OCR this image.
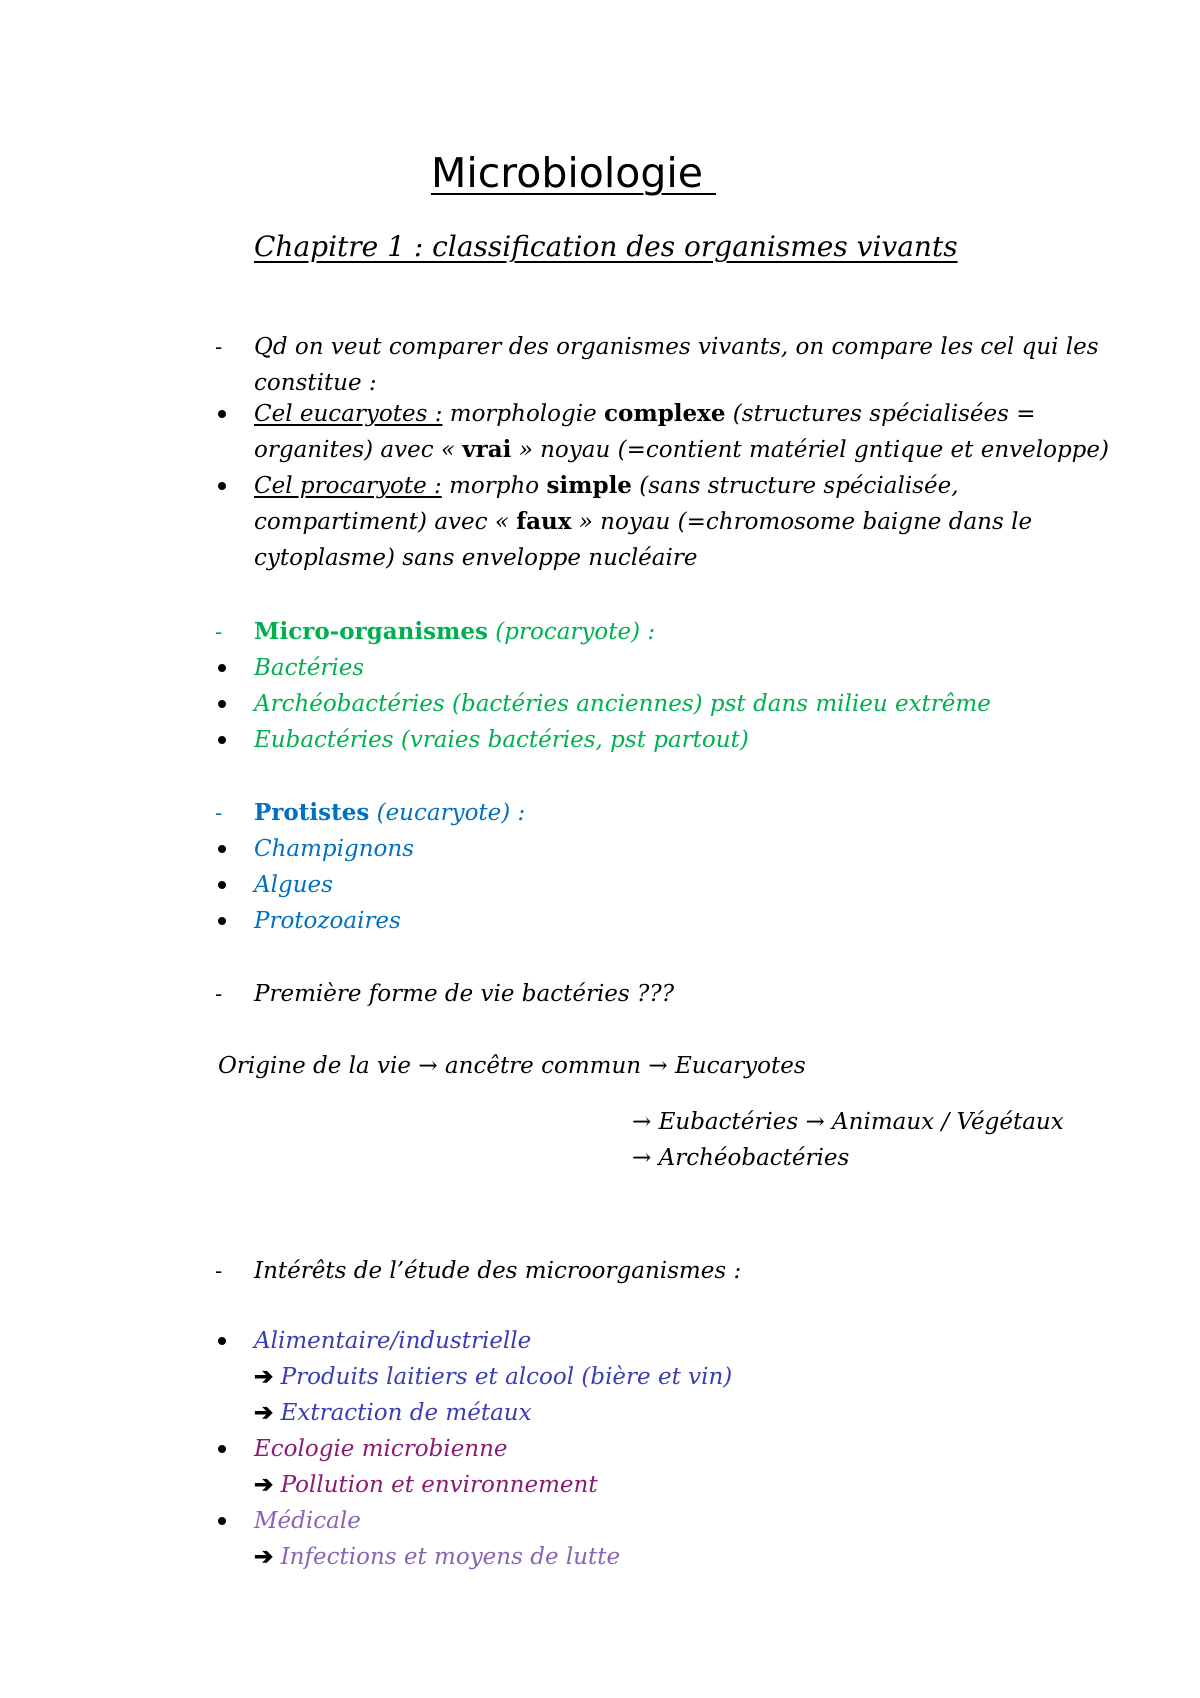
Microbiologie
Chapitre 1 : classification des organismes vivants
- Qd on veut comparer des organismes vivants, on compare les cel qui les
constitue :
Cel eucaryotes : morphologie complexe (structures spécialisées =
organites) avec « vrai » noyau (=contient matériel gntique et enveloppe)
Cel procaryote : morpho simple (sans structure spécialisée,
compartiment) avec « faux » noyau (=chromosome baigne dans le
cytoplasme) sans enveloppe nucléaire
- Micro-organismes (procaryote) :
Bactéries
Archéobactéries (bactéries anciennes) pst dans milieu extrême
Eubactéries (vraies bactéries, pst partout)
- Protistes (eucaryote) :
Champignons
Algues
Protozoaires
- Première forme de vie bactéries ???
Origine de la vie → ancêtre commun → Eucaryotes
→ Eubactéries → Animaux / Végétaux
→ Archéobactéries
- Intérêts de l’étude des microorganismes :
Alimentaire/industrielle
➔ Produits laitiers et alcool (bière et vin)
➔ Extraction de métaux
Ecologie microbienne
➔ Pollution et environnement
Médicale
➔ Infections et moyens de lutte
